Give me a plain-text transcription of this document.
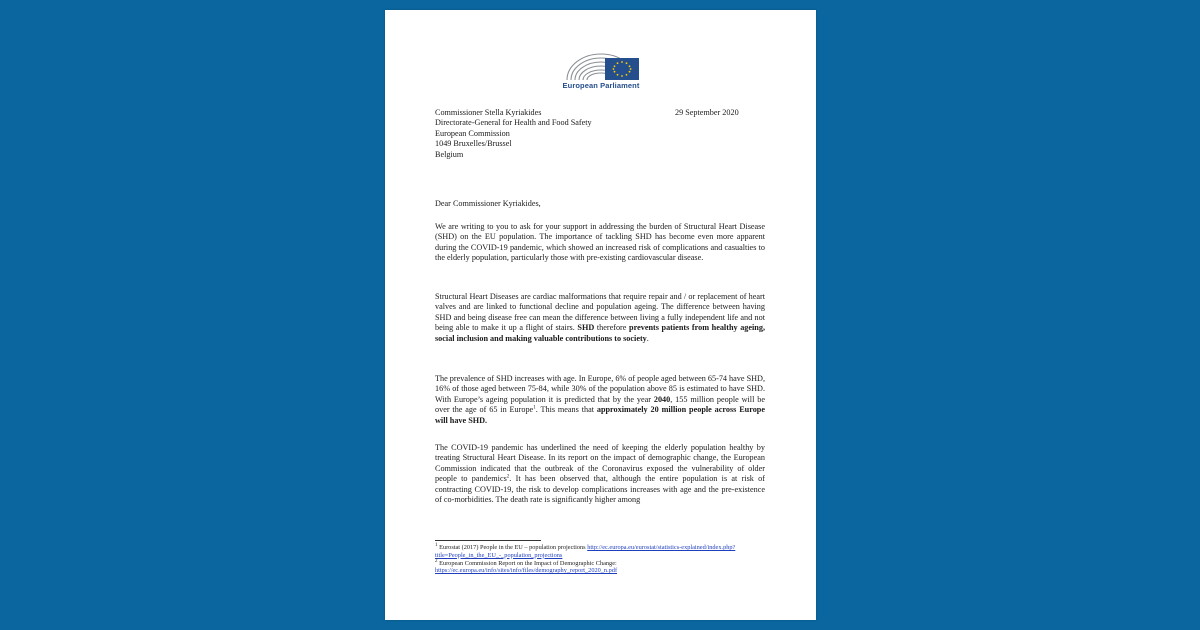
European Parliament
Commissioner Stella Kyriakides
Directorate-General for Health and Food Safety
European Commission
1049 Bruxelles/Brussel
Belgium
29 September 2020
Dear Commissioner Kyriakides,
We are writing to you to ask for your support in addressing the burden of Structural Heart Disease (SHD) on the EU population. The importance of tackling SHD has become even more apparent during the COVID-19 pandemic, which showed an increased risk of complications and casualties to the elderly population, particularly those with pre-existing cardiovascular disease.
Structural Heart Diseases are cardiac malformations that require repair and / or replacement of heart valves and are linked to functional decline and population ageing. The difference between having SHD and being disease free can mean the difference between living a fully independent life and not being able to make it up a flight of stairs. SHD therefore prevents patients from healthy ageing, social inclusion and making valuable contributions to society.
The prevalence of SHD increases with age. In Europe, 6% of people aged between 65-74 have SHD, 16% of those aged between 75-84, while 30% of the population above 85 is estimated to have SHD. With Europe’s ageing population it is predicted that by the year 2040, 155 million people will be over the age of 65 in Europe$^1$. This means that approximately 20 million people across Europe will have SHD.
The COVID-19 pandemic has underlined the need of keeping the elderly population healthy by treating Structural Heart Disease. In its report on the impact of demographic change, the European Commission indicated that the outbreak of the Coronavirus exposed the vulnerability of older people to pandemics$^2$. It has been observed that, although the entire population is at risk of contracting COVID-19, the risk to develop complications increases with age and the pre-existence of co-morbidities. The death rate is significantly higher among
$^1$ Eurostat (2017) People in the EU – population projections http://ec.europa.eu/eurostat/statistics-explained/index.php?title=People_in_the_EU_-_population_projections
$^2$ European Commission Report on the Impact of Demographic Change:
https://ec.europa.eu/info/sites/info/files/demography_report_2020_n.pdf
